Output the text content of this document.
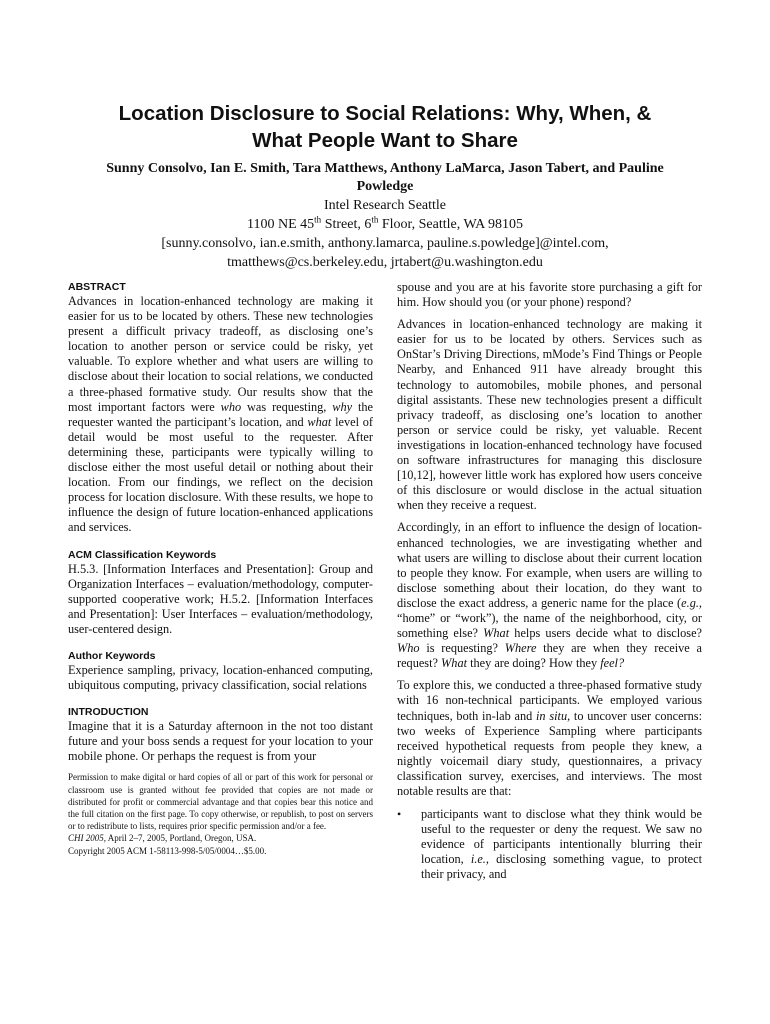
Location Disclosure to Social Relations: Why, When, &
What People Want to Share
Sunny Consolvo, Ian E. Smith, Tara Matthews, Anthony LaMarca, Jason Tabert, and Pauline
Powledge
Intel Research Seattle
1100 NE 45th Street, 6th Floor, Seattle, WA 98105
[sunny.consolvo, ian.e.smith, anthony.lamarca, pauline.s.powledge]@intel.com,
tmatthews@cs.berkeley.edu, jrtabert@u.washington.edu

ABSTRACT

Advances in location-enhanced technology are making it easier for us to be located by others. These new technologies present a difficult privacy tradeoff, as disclosing one’s location to another person or service could be risky, yet valuable. To explore whether and what users are willing to disclose about their location to social relations, we conducted a three-phased formative study. Our results show that the most important factors were who was requesting, why the requester wanted the participant’s location, and what level of detail would be most useful to the requester. After determining these, participants were typically willing to disclose either the most useful detail or nothing about their location. From our findings, we reflect on the decision process for location disclosure. With these results, we hope to influence the design of future location-enhanced applications and services.

ACM Classification Keywords

H.5.3. [Information Interfaces and Presentation]: Group and Organization Interfaces – evaluation/methodology, computer-supported cooperative work; H.5.2. [Information Interfaces and Presentation]: User Interfaces – evaluation/methodology, user-centered design.

Author Keywords

Experience sampling, privacy, location-enhanced computing, ubiquitous computing, privacy classification, social relations

INTRODUCTION

Imagine that it is a Saturday afternoon in the not too distant future and your boss sends a request for your location to your mobile phone. Or perhaps the request is from your

Permission to make digital or hard copies of all or part of this work for personal or classroom use is granted without fee provided that copies are not made or distributed for profit or commercial advantage and that copies bear this notice and the full citation on the first page. To copy otherwise, or republish, to post on servers or to redistribute to lists, requires prior specific permission and/or a fee.
CHI 2005, April 2–7, 2005, Portland, Oregon, USA.
Copyright 2005 ACM 1-58113-998-5/05/0004…$5.00.

spouse and you are at his favorite store purchasing a gift for him. How should you (or your phone) respond?

Advances in location-enhanced technology are making it easier for us to be located by others. Services such as OnStar’s Driving Directions, mMode’s Find Things or People Nearby, and Enhanced 911 have already brought this technology to automobiles, mobile phones, and personal digital assistants. These new technologies present a difficult privacy tradeoff, as disclosing one’s location to another person or service could be risky, yet valuable. Recent investigations in location-enhanced technology have focused on software infrastructures for managing this disclosure [10,12], however little work has explored how users conceive of this disclosure or would disclose in the actual situation when they receive a request.

Accordingly, in an effort to influence the design of location-enhanced technologies, we are investigating whether and what users are willing to disclose about their current location to people they know. For example, when users are willing to disclose something about their location, do they want to disclose the exact address, a generic name for the place (e.g., “home” or “work”), the name of the neighborhood, city, or something else? What helps users decide what to disclose? Who is requesting? Where they are when they receive a request? What they are doing? How they feel?

To explore this, we conducted a three-phased formative study with 16 non-technical participants. We employed various techniques, both in-lab and in situ, to uncover user concerns: two weeks of Experience Sampling where participants received hypothetical requests from people they knew, a nightly voicemail diary study, questionnaires, a privacy classification survey, exercises, and interviews. The most notable results are that:

•	participants want to disclose what they think would be useful to the requester or deny the request. We saw no evidence of participants intentionally blurring their location, i.e., disclosing something vague, to protect their privacy, and
